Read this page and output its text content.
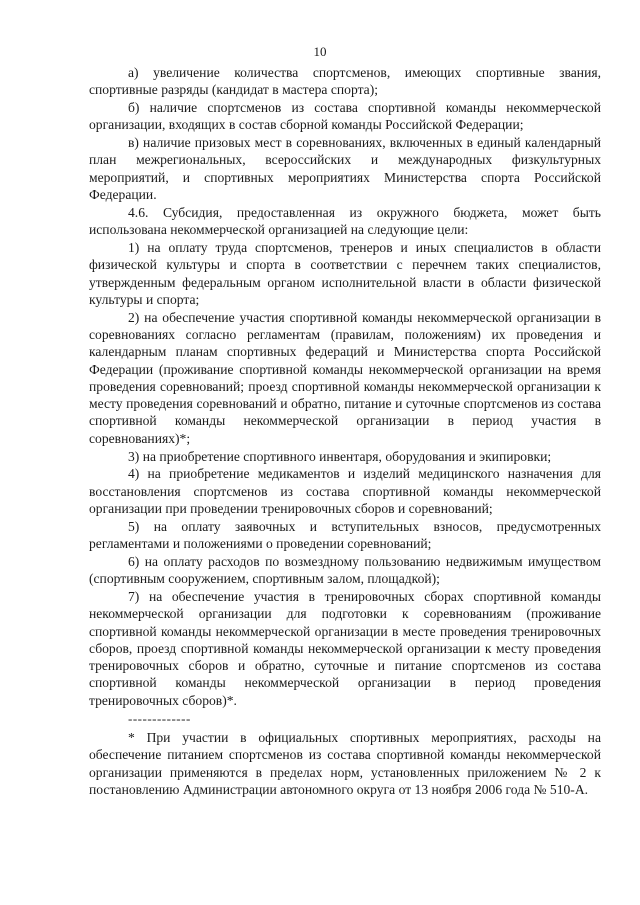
10

а) увеличение количества спортсменов, имеющих спортивные звания, спортивные разряды (кандидат в мастера спорта);

б) наличие спортсменов из состава спортивной команды некоммерческой организации, входящих в состав сборной команды Российской Федерации;

в) наличие призовых мест в соревнованиях, включенных в единый календарный план межрегиональных, всероссийских и международных физкультурных мероприятий, и спортивных мероприятиях Министерства спорта Российской Федерации.

4.6. Субсидия, предоставленная из окружного бюджета, может быть использована некоммерческой организацией на следующие цели:

1) на оплату труда спортсменов, тренеров и иных специалистов в области физической культуры и спорта в соответствии с перечнем таких специалистов, утвержденным федеральным органом исполнительной власти в области физической культуры и спорта;

2) на обеспечение участия спортивной команды некоммерческой организации в соревнованиях согласно регламентам (правилам, положениям) их проведения и календарным планам спортивных федераций и Министерства спорта Российской Федерации (проживание спортивной команды некоммерческой организации на время проведения соревнований; проезд спортивной команды некоммерческой организации к месту проведения соревнований и обратно, питание и суточные спортсменов из состава спортивной команды некоммерческой организации в период участия в соревнованиях)*;

3) на приобретение спортивного инвентаря, оборудования и экипировки;

4) на приобретение медикаментов и изделий медицинского назначения для восстановления спортсменов из состава спортивной команды некоммерческой организации при проведении тренировочных сборов и соревнований;

5) на оплату заявочных и вступительных взносов, предусмотренных регламентами и положениями о проведении соревнований;

6) на оплату расходов по возмездному пользованию недвижимым имуществом (спортивным сооружением, спортивным залом, площадкой);

7) на обеспечение участия в тренировочных сборах спортивной команды некоммерческой организации для подготовки к соревнованиям (проживание спортивной команды некоммерческой организации в месте проведения тренировочных сборов, проезд спортивной команды некоммерческой организации к месту проведения тренировочных сборов и обратно, суточные и питание спортсменов из состава спортивной команды некоммерческой организации в период проведения тренировочных сборов)*.

-------------

* При участии в официальных спортивных мероприятиях, расходы на обеспечение питанием спортсменов из состава спортивной команды некоммерческой организации применяются в пределах норм, установленных приложением № 2 к постановлению Администрации автономного округа от 13 ноября 2006 года № 510-А.
